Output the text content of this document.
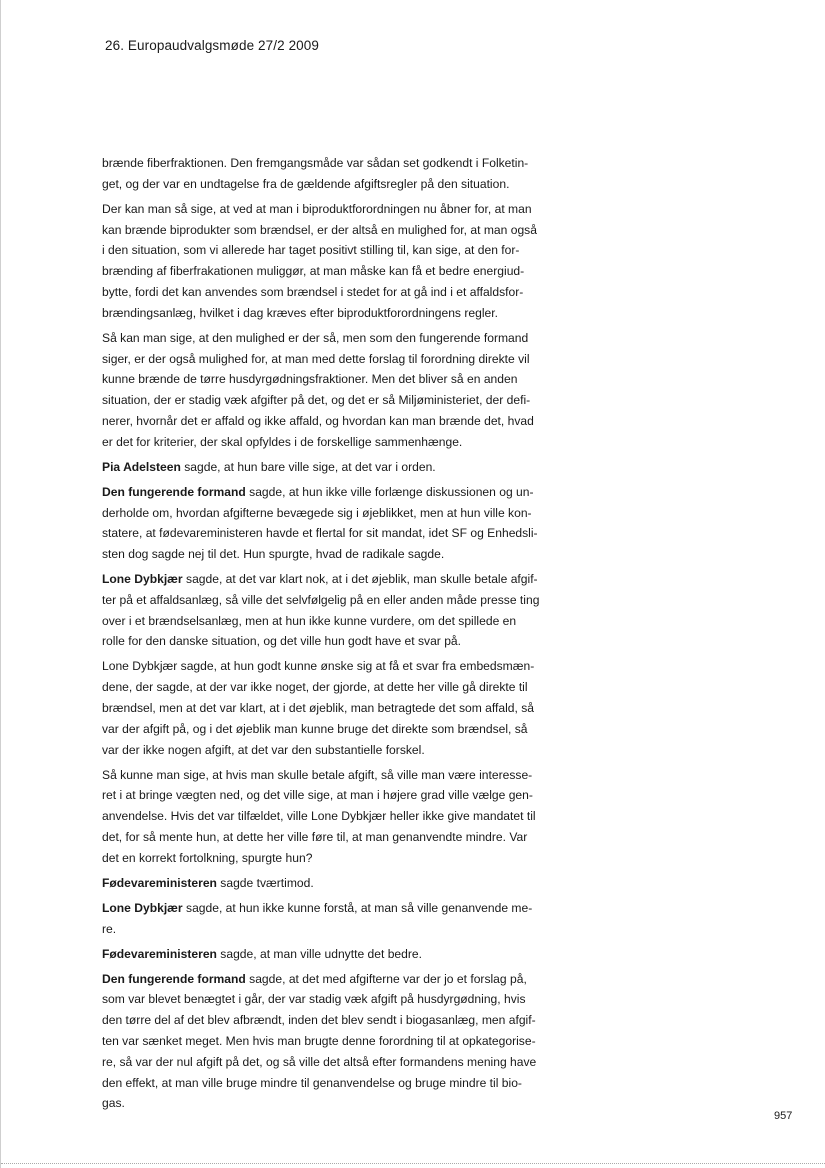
26. Europaudvalgsmøde 27/2 2009

brænde fiberfraktionen. Den fremgangsmåde var sådan set godkendt i Folketin-
get, og der var en undtagelse fra de gældende afgiftsregler på den situation.

Der kan man så sige, at ved at man i biproduktforordningen nu åbner for, at man
kan brænde biprodukter som brændsel, er der altså en mulighed for, at man også
i den situation, som vi allerede har taget positivt stilling til, kan sige, at den for-
brænding af fiberfrakationen muliggør, at man måske kan få et bedre energiud-
bytte, fordi det kan anvendes som brændsel i stedet for at gå ind i et affaldsfor-
brændingsanlæg, hvilket i dag kræves efter biproduktforordningens regler.

Så kan man sige, at den mulighed er der så, men som den fungerende formand
siger, er der også mulighed for, at man med dette forslag til forordning direkte vil
kunne brænde de tørre husdyrgødningsfraktioner. Men det bliver så en anden
situation, der er stadig væk afgifter på det, og det er så Miljøministeriet, der defi-
nerer, hvornår det er affald og ikke affald, og hvordan kan man brænde det, hvad
er det for kriterier, der skal opfyldes i de forskellige sammenhænge.

Pia Adelsteen sagde, at hun bare ville sige, at det var i orden.

Den fungerende formand sagde, at hun ikke ville forlænge diskussionen og un-
derholde om, hvordan afgifterne bevægede sig i øjeblikket, men at hun ville kon-
statere, at fødevareministeren havde et flertal for sit mandat, idet SF og Enhedsli-
sten dog sagde nej til det. Hun spurgte, hvad de radikale sagde.

Lone Dybkjær sagde, at det var klart nok, at i det øjeblik, man skulle betale afgif-
ter på et affaldsanlæg, så ville det selvfølgelig på en eller anden måde presse ting
over i et brændselsanlæg, men at hun ikke kunne vurdere, om det spillede en
rolle for den danske situation, og det ville hun godt have et svar på.

Lone Dybkjær sagde, at hun godt kunne ønske sig at få et svar fra embedsmæn-
dene, der sagde, at der var ikke noget, der gjorde, at dette her ville gå direkte til
brændsel, men at det var klart, at i det øjeblik, man betragtede det som affald, så
var der afgift på, og i det øjeblik man kunne bruge det direkte som brændsel, så
var der ikke nogen afgift, at det var den substantielle forskel.

Så kunne man sige, at hvis man skulle betale afgift, så ville man være interesse-
ret i at bringe vægten ned, og det ville sige, at man i højere grad ville vælge gen-
anvendelse. Hvis det var tilfældet, ville Lone Dybkjær heller ikke give mandatet til
det, for så mente hun, at dette her ville føre til, at man genanvendte mindre. Var
det en korrekt fortolkning, spurgte hun?

Fødevareministeren sagde tværtimod.

Lone Dybkjær sagde, at hun ikke kunne forstå, at man så ville genanvende me-
re.

Fødevareministeren sagde, at man ville udnytte det bedre.

Den fungerende formand sagde, at det med afgifterne var der jo et forslag på,
som var blevet benægtet i går, der var stadig væk afgift på husdyrgødning, hvis
den tørre del af det blev afbrændt, inden det blev sendt i biogasanlæg, men afgif-
ten var sænket meget. Men hvis man brugte denne forordning til at opkategorise-
re, så var der nul afgift på det, og så ville det altså efter formandens mening have
den effekt, at man ville bruge mindre til genanvendelse og bruge mindre til bio-
gas.

957
